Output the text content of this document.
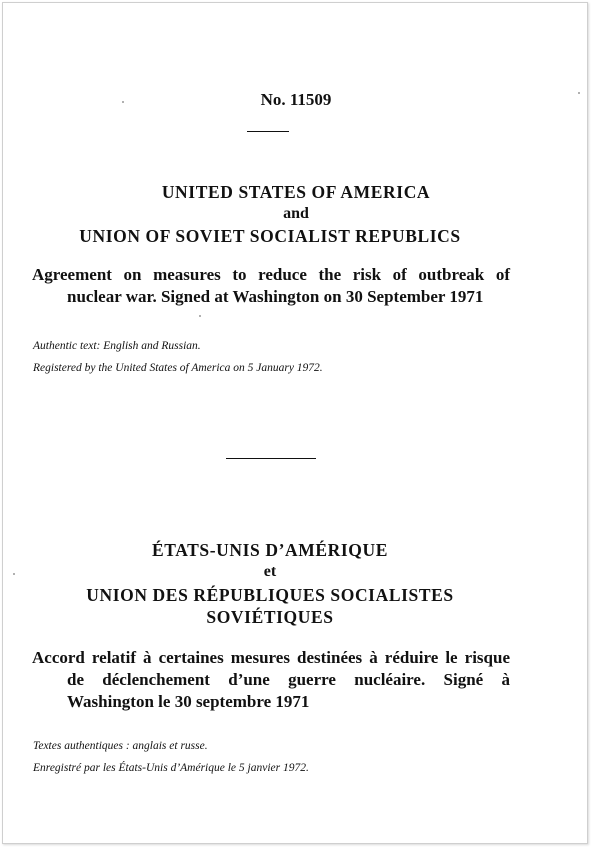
No. 11509
UNITED STATES OF AMERICA
and
UNION OF SOVIET SOCIALIST REPUBLICS
Agreement on measures to reduce the risk of outbreak of
nuclear war. Signed at Washington on 30 September 1971
Authentic text: English and Russian.
Registered by the United States of America on 5 January 1972.
ÉTATS-UNIS D’AMÉRIQUE
et
UNION DES RÉPUBLIQUES SOCIALISTES
SOVIÉTIQUES
Accord relatif à certaines mesures destinées à réduire le risque
de déclenchement d’une guerre nucléaire. Signé à
Washington le 30 septembre 1971
Textes authentiques : anglais et russe.
Enregistré par les États-Unis d’Amérique le 5 janvier 1972.
